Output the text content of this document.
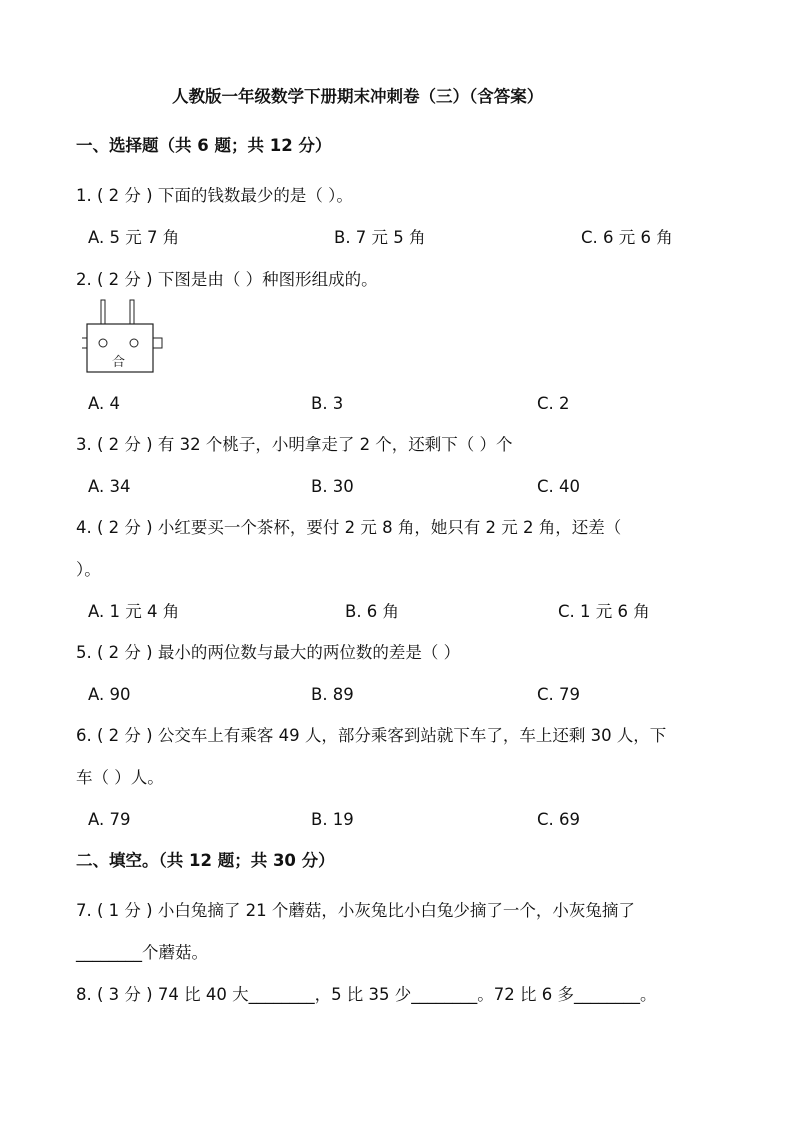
人教版一年级数学下册期末冲刺卷（三）（含答案）
一、选择题（共 6 题；共 12 分）
1. ( 2 分 ) 下面的钱数最少的是（ ）。
A. 5 元 7 角	B. 7 元 5 角	C. 6 元 6 角
2. ( 2 分 ) 下图是由（ ）种图形组成的。
合
A. 4	B. 3	C. 2
3. ( 2 分 ) 有 32 个桃子，小明拿走了 2 个，还剩下（ ）个
A. 34	B. 30	C. 40
4. ( 2 分 ) 小红要买一个茶杯，要付 2 元 8 角，她只有 2 元 2 角，还差（
）。
A. 1 元 4 角	B. 6 角	C. 1 元 6 角
5. ( 2 分 ) 最小的两位数与最大的两位数的差是（ ）
A. 90	B. 89	C. 79
6. ( 2 分 ) 公交车上有乘客 49 人，部分乘客到站就下车了，车上还剩 30 人，下
车（ ）人。
A. 79	B. 19	C. 69
二、填空。（共 12 题；共 30 分）
7. ( 1 分 ) 小白兔摘了 21 个蘑菇，小灰兔比小白兔少摘了一个，小灰兔摘了
________个蘑菇。
8. ( 3 分 ) 74 比 40 大________，5 比 35 少________。72 比 6 多________。
